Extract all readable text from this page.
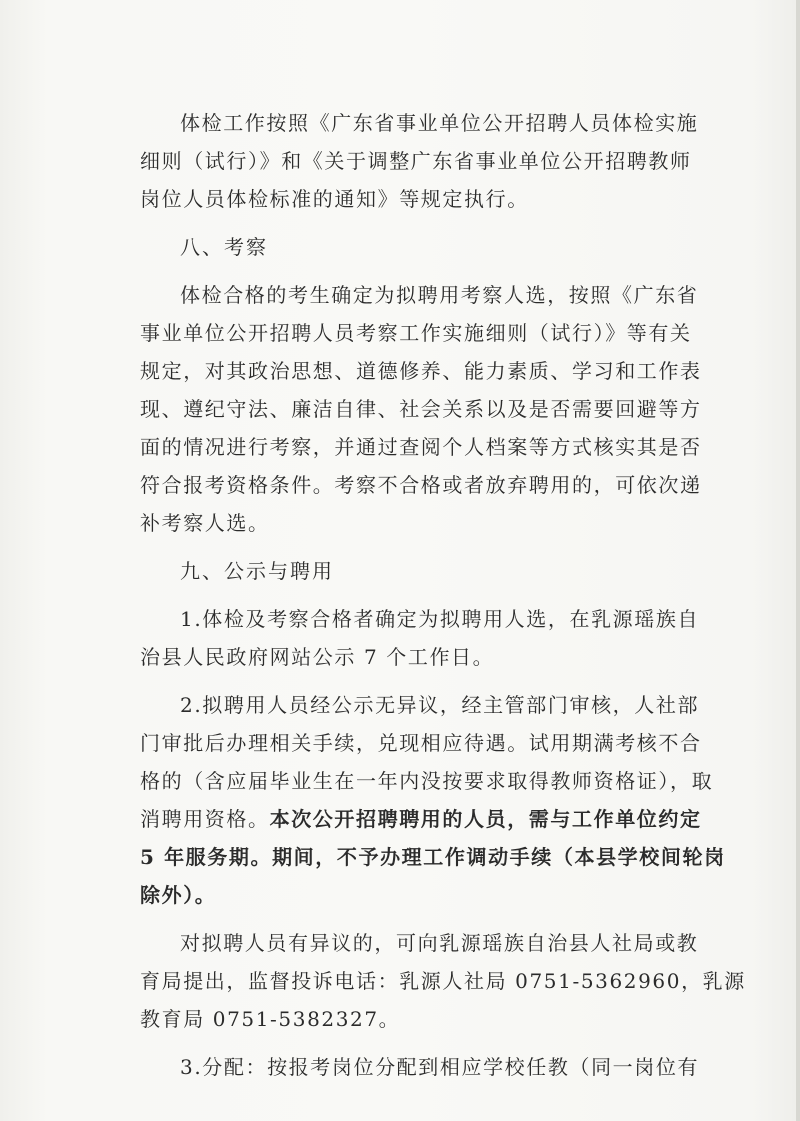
体检工作按照《广东省事业单位公开招聘人员体检实施
细则（试行）》和《关于调整广东省事业单位公开招聘教师
岗位人员体检标准的通知》等规定执行。
八、考察
体检合格的考生确定为拟聘用考察人选，按照《广东省
事业单位公开招聘人员考察工作实施细则（试行）》等有关
规定，对其政治思想、道德修养、能力素质、学习和工作表
现、遵纪守法、廉洁自律、社会关系以及是否需要回避等方
面的情况进行考察，并通过查阅个人档案等方式核实其是否
符合报考资格条件。考察不合格或者放弃聘用的，可依次递
补考察人选。
九、公示与聘用
1.体检及考察合格者确定为拟聘用人选，在乳源瑶族自
治县人民政府网站公示 7 个工作日。
2.拟聘用人员经公示无异议，经主管部门审核，人社部
门审批后办理相关手续，兑现相应待遇。试用期满考核不合
格的（含应届毕业生在一年内没按要求取得教师资格证），取
消聘用资格。本次公开招聘聘用的人员，需与工作单位约定
5 年服务期。期间，不予办理工作调动手续（本县学校间轮岗
除外）。
对拟聘人员有异议的，可向乳源瑶族自治县人社局或教
育局提出，监督投诉电话：乳源人社局 0751-5362960，乳源
教育局 0751-5382327。
3.分配：按报考岗位分配到相应学校任教（同一岗位有
